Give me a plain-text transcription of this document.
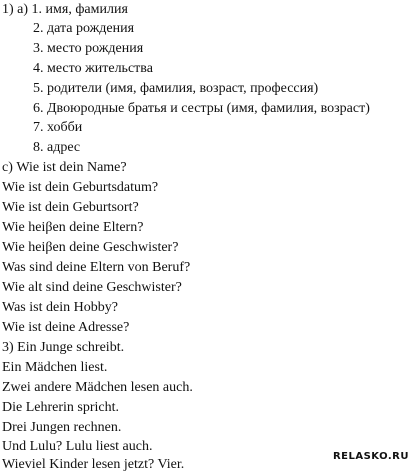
1) а) 1. имя, фамилия
2. дата рождения
3. место рождения
4. место жительства
5. родители (имя, фамилия, возраст, профессия)
6. Двоюродные братья и сестры (имя, фамилия, возраст)
7. хобби
8. адрес
с) Wie ist dein Name?
Wie ist dein Geburtsdatum?
Wie ist dein Geburtsort?
Wie heiβen deine Eltern?
Wie heiβen deine Geschwister?
Was sind deine Eltern von Beruf?
Wie alt sind deine Geschwister?
Was ist dein Hobby?
Wie ist deine Adresse?
3) Ein Junge schreibt.
Ein Mädchen liest.
Zwei andere Mädchen lesen auch.
Die Lehrerin spricht.
Drei Jungen rechnen.
Und Lulu? Lulu liest auch.
Wieviel Kinder lesen jetzt? Vier.
RELASKO.RU
